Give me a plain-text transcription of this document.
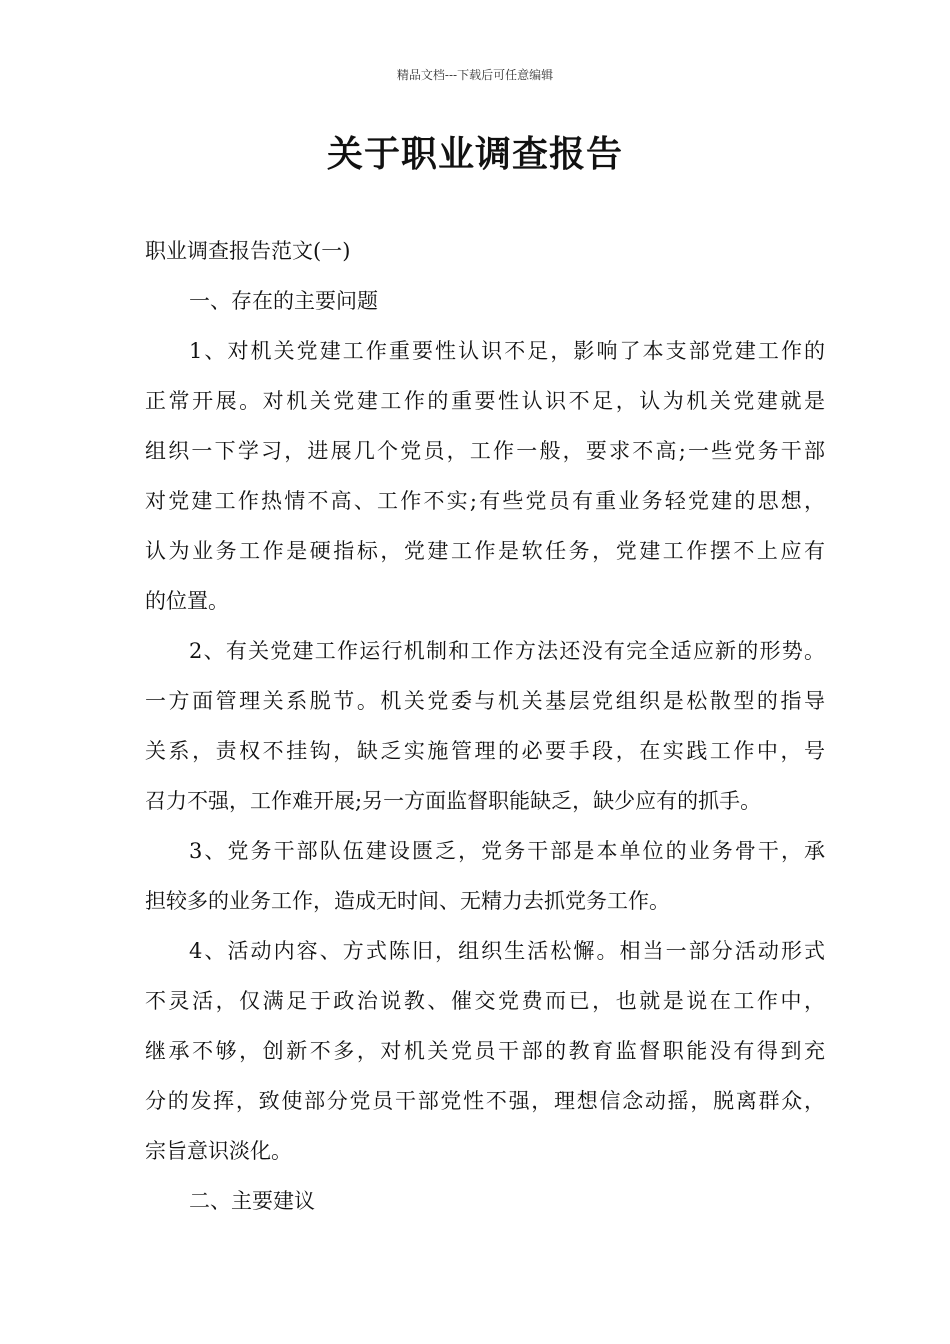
精品文档---下载后可任意编辑
关于职业调查报告
职业调查报告范文(一)
一、存在的主要问题
1、对机关党建工作重要性认识不足，影响了本支部党建工作的
正常开展。对机关党建工作的重要性认识不足，认为机关党建就是
组织一下学习，进展几个党员，工作一般，要求不高;一些党务干部
对党建工作热情不高、工作不实;有些党员有重业务轻党建的思想，
认为业务工作是硬指标，党建工作是软任务，党建工作摆不上应有
的位置。
2、有关党建工作运行机制和工作方法还没有完全适应新的形势。
一方面管理关系脱节。机关党委与机关基层党组织是松散型的指导
关系，责权不挂钩，缺乏实施管理的必要手段，在实践工作中，号
召力不强，工作难开展;另一方面监督职能缺乏，缺少应有的抓手。
3、党务干部队伍建设匮乏，党务干部是本单位的业务骨干，承
担较多的业务工作，造成无时间、无精力去抓党务工作。
4、活动内容、方式陈旧，组织生活松懈。相当一部分活动形式
不灵活，仅满足于政治说教、催交党费而已，也就是说在工作中，
继承不够，创新不多，对机关党员干部的教育监督职能没有得到充
分的发挥，致使部分党员干部党性不强，理想信念动摇，脱离群众，
宗旨意识淡化。
二、主要建议
